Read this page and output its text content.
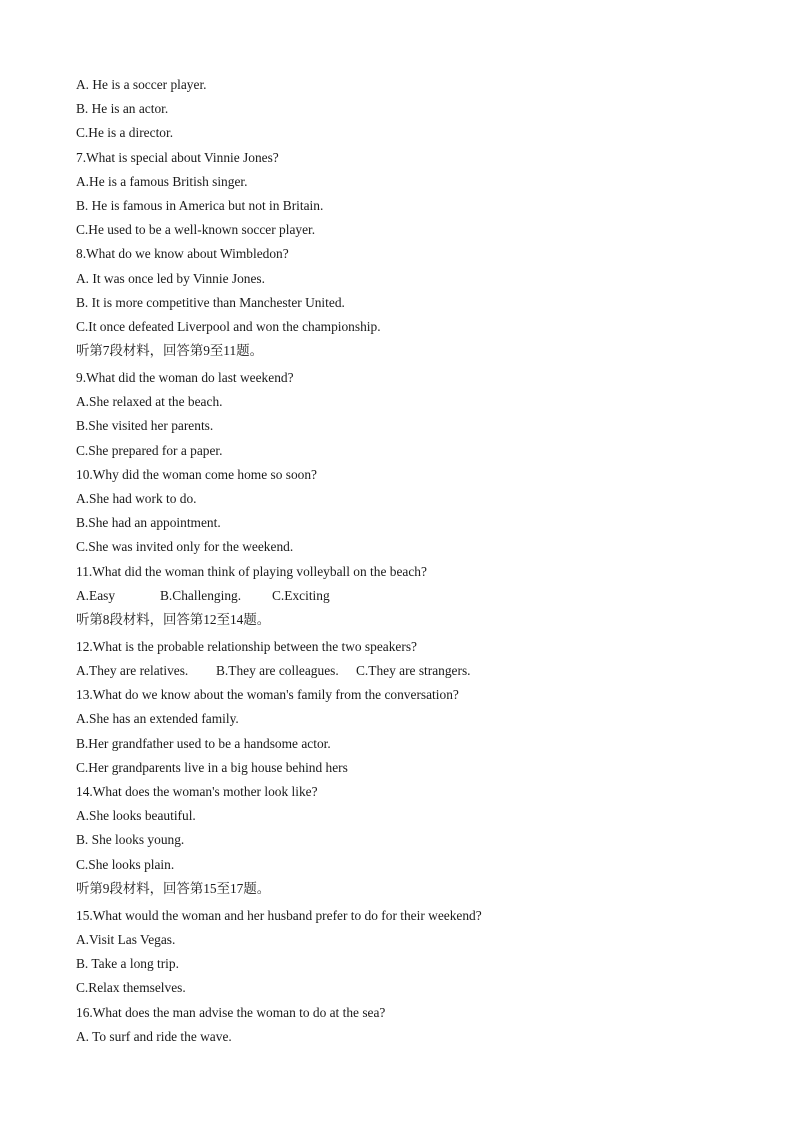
A. He is a soccer player.
B. He is an actor.
C.He is a director.
7.What is special about Vinnie Jones?
A.He is a famous British singer.
B. He is famous in America but not in Britain.
C.He used to be a well-known soccer player.
8.What do we know about Wimbledon?
A. It was once led by Vinnie Jones.
B. It is more competitive than Manchester United.
C.It once defeated Liverpool and won the championship.
听第7段材料，回答第9至11题。
9.What did the woman do last weekend?
A.She relaxed at the beach.
B.She visited her parents.
C.She prepared for a paper.
10.Why did the woman come home so soon?
A.She had work to do.
B.She had an appointment.
C.She was invited only for the weekend.
11.What did the woman think of playing volleyball on the beach?
A.Easy	B.Challenging. C.Exciting
听第8段材料，回答第12至14题。
12.What is the probable relationship between the two speakers?
A.They are relatives. B.They are colleagues. C.They are strangers.
13.What do we know about the woman's family from the conversation?
A.She has an extended family.
B.Her grandfather used to be a handsome actor.
C.Her grandparents live in a big house behind hers
14.What does the woman's mother look like?
A.She looks beautiful.
B. She looks young.
C.She looks plain.
听第9段材料，回答第15至17题。
15.What would the woman and her husband prefer to do for their weekend?
A.Visit Las Vegas.
B. Take a long trip.
C.Relax themselves.
16.What does the man advise the woman to do at the sea?
A. To surf and ride the wave.
